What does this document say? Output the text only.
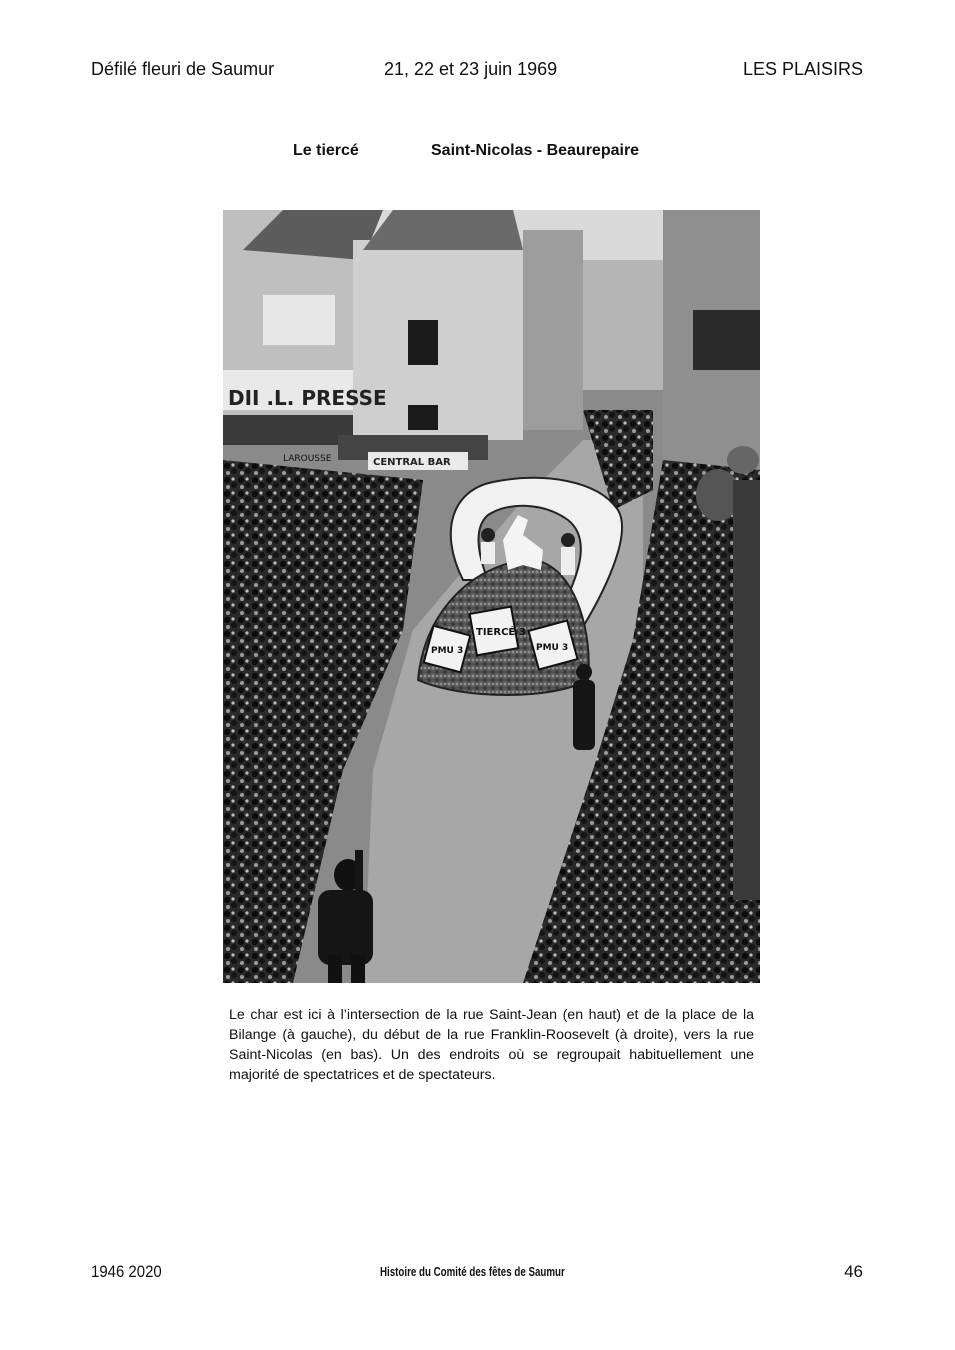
Défilé fleuri de Saumur	21, 22 et 23 juin 1969	LES PLAISIRS
Le tiercé	Saint-Nicolas - Beaurepaire
DII .L. PRESSE
LAROUSSE	CENTRAL BAR
TIERCÉ 3
PMU 3	PMU 3
Le char est ici à l’intersection de la rue Saint-Jean (en haut) et de la place de la Bilange (à gauche), du début de la rue Franklin-Roosevelt (à droite), vers la rue Saint-Nicolas (en bas). Un des endroits où se regroupait habituellement une majorité de spectatrices et de spectateurs.
1946 2020	Histoire du Comité des fêtes de Saumur	46
